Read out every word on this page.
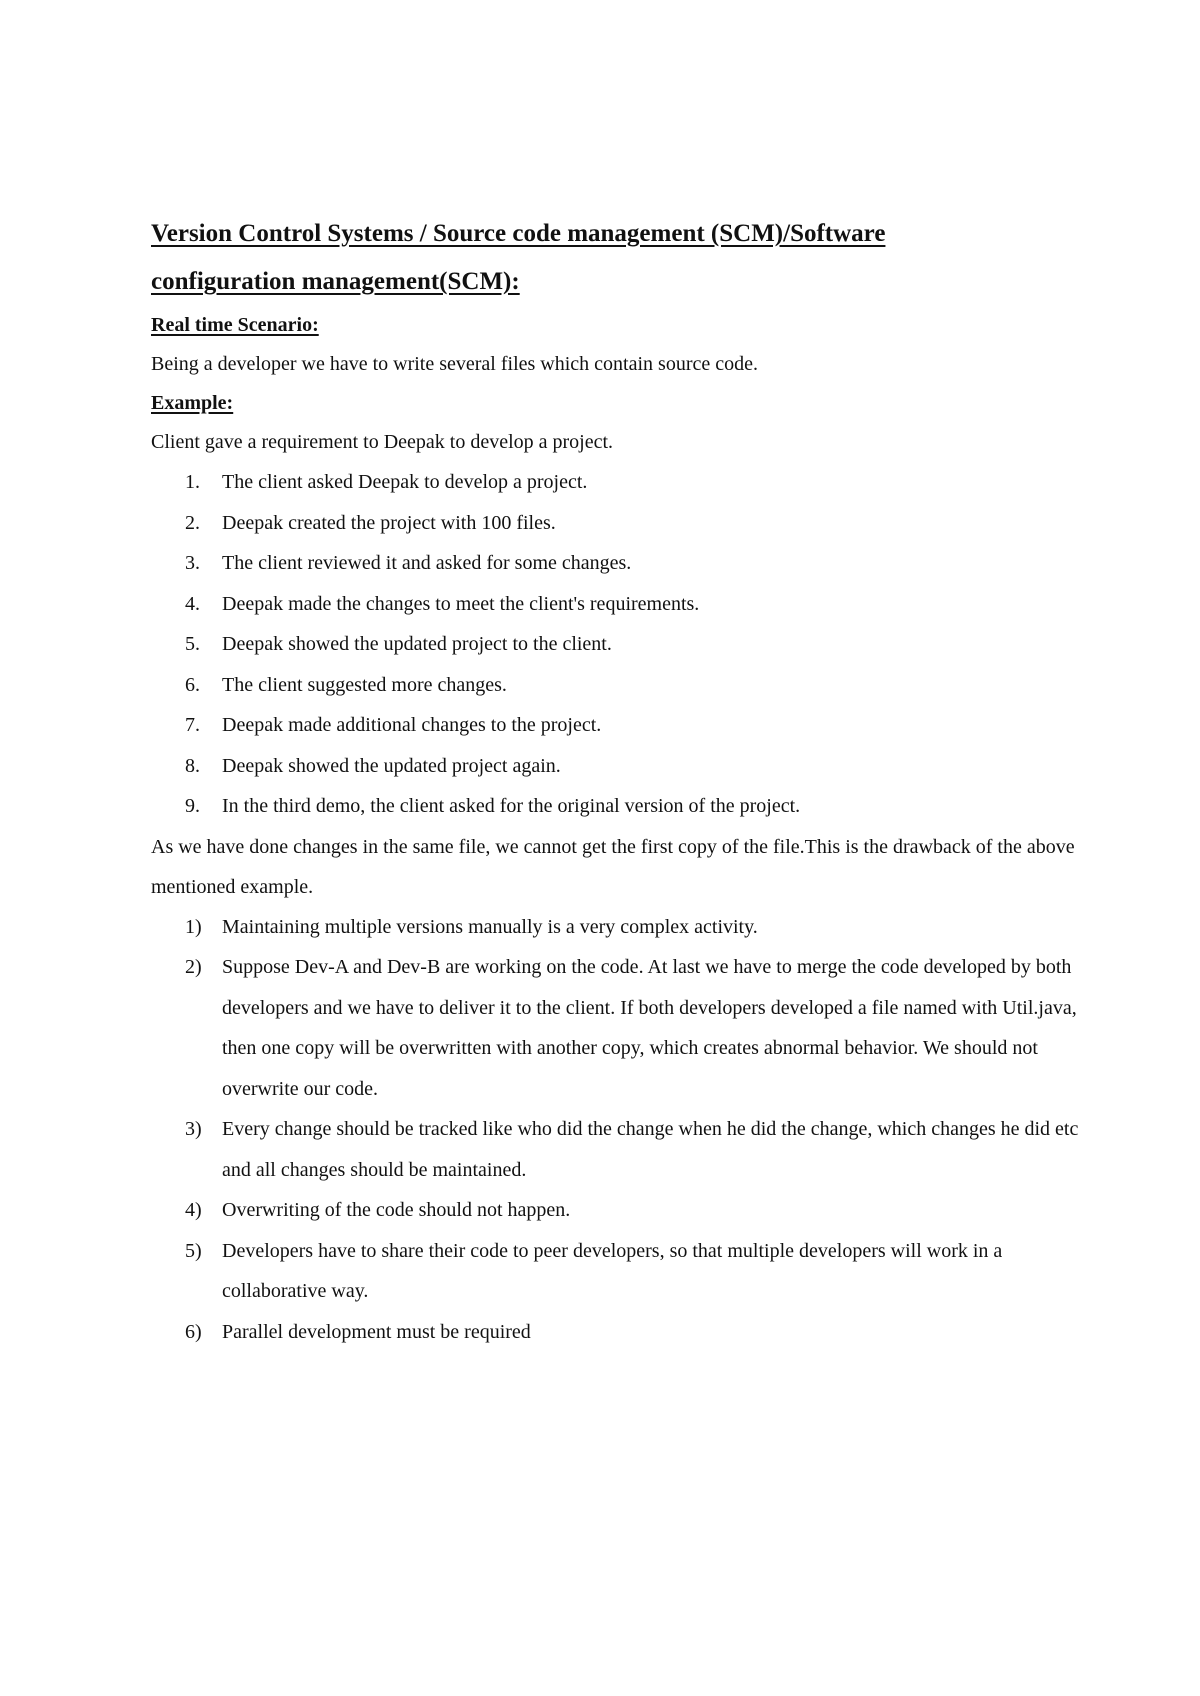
Version Control Systems / Source code management (SCM)/Software
configuration management(SCM):

Real time Scenario:

Being a developer we have to write several files which contain source code.

Example:

Client gave a requirement to Deepak to develop a project.

1. The client asked Deepak to develop a project.
2. Deepak created the project with 100 files.
3. The client reviewed it and asked for some changes.
4. Deepak made the changes to meet the client's requirements.
5. Deepak showed the updated project to the client.
6. The client suggested more changes.
7. Deepak made additional changes to the project.
8. Deepak showed the updated project again.
9. In the third demo, the client asked for the original version of the project.

As we have done changes in the same file, we cannot get the first copy of the file.This is the drawback of the above mentioned example.

1) Maintaining multiple versions manually is a very complex activity.
2) Suppose Dev-A and Dev-B are working on the code. At last we have to merge the code developed by both developers and we have to deliver it to the client. If both developers developed a file named with Util.java, then one copy will be overwritten with another copy, which creates abnormal behavior. We should not overwrite our code.
3) Every change should be tracked like who did the change when he did the change, which changes he did etc and all changes should be maintained.
4) Overwriting of the code should not happen.
5) Developers have to share their code to peer developers, so that multiple developers will work in a collaborative way.
6) Parallel development must be required
